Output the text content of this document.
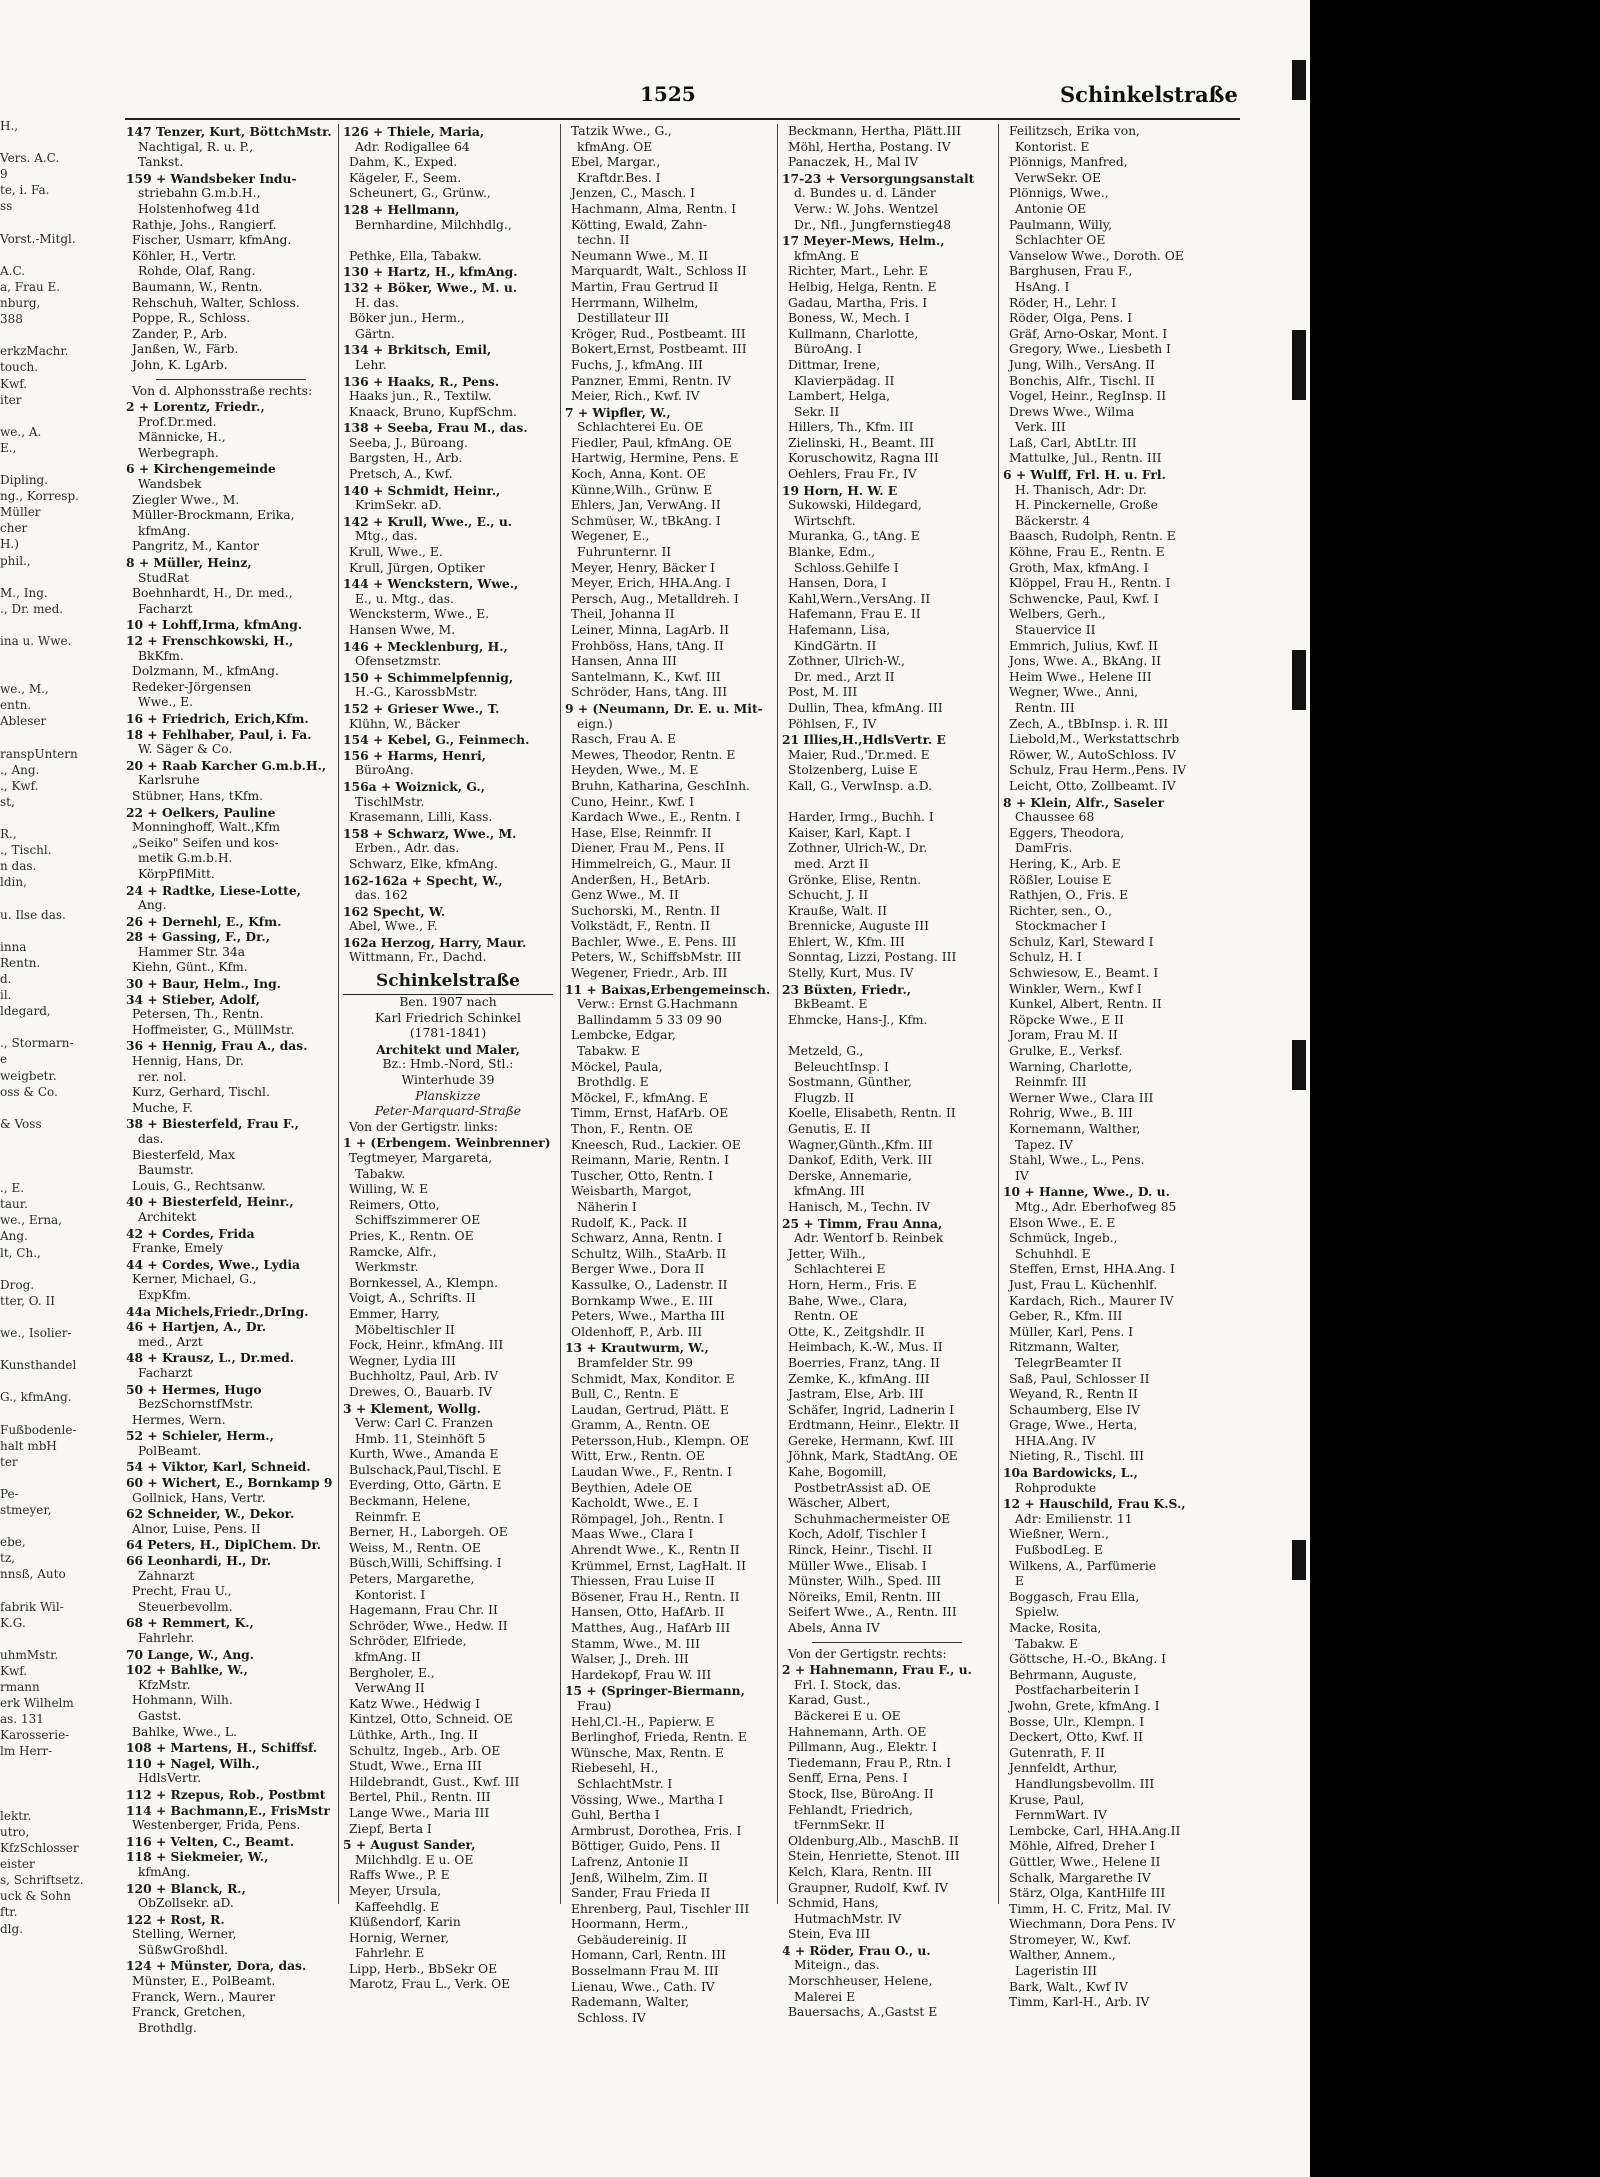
H.,

Vers. A.C.
9
te, i. Fa.
ss

Vorst.-Mitgl.

A.C.
a, Frau E.
nburg,
388

erkzMachr.
touch.
Kwf.
iter

we., A.
E.,

Dipling.
ng., Korresp.
Müller
cher
H.)
phil.,

M., Ing.
., Dr. med.

ina u. Wwe.

we., M.,
entn.
Ableser

ranspUntern
., Ang.
., Kwf.
st,

R.,
., Tischl.
n das.
ldin,

u. Ilse das.

inna
Rentn.
d.
il.
ldegard,

., Stormarn-
e
weigbetr.
oss & Co.

& Voss

., E.
taur.
we., Erna,
Ang.
lt, Ch.,

Drog.
tter, O. II

we., Isolier-

Kunsthandel

G., kfmAng.

Fußbodenle-
halt mbH
ter

Pe-
stmeyer,

ebe,
tz,
nnsß, Auto

fabrik Wil-
K.G.

uhmMstr.
Kwf.
rmann
erk Wilhelm
as. 131
Karosserie-
lm Herr-

lektr.
utro,
KfzSchlosser
eister
s, Schriftsetz.
uck & Sohn
ftr.
dlg.
1525	Schinkelstraße
147 Tenzer, Kurt, BöttchMstr.
Nachtigal, R. u. P.,
Tankst.
159 + Wandsbeker Indu-
striebahn G.m.b.H.,
Holstenhofweg 41d
Rathje, Johs., Rangierf.
Fischer, Usmarr, kfmAng.
Köhler, H., Vertr.
Rohde, Olaf, Rang.
Baumann, W., Rentn.
Rehschuh, Walter, Schloss.
Poppe, R., Schloss.
Zander, P., Arb.
Janßen, W., Färb.
John, K. LgArb.
Von d. Alphonsstraße rechts:
2 + Lorentz, Friedr.,
Prof.Dr.med.
Männicke, H.,
Werbegraph.
6 + Kirchengemeinde
Wandsbek
Ziegler Wwe., M.
Müller-Brockmann, Erika,
kfmAng.
Pangritz, M., Kantor
8 + Müller, Heinz,
StudRat
Boehnhardt, H., Dr. med.,
Facharzt
10 + Lohff,Irma, kfmAng.
12 + Frenschkowski, H.,
BkKfm.
Dolzmann, M., kfmAng.
Redeker-Jörgensen
Wwe., E.
16 + Friedrich, Erich,Kfm.
18 + Fehlhaber, Paul, i. Fa.
W. Säger & Co.
20 + Raab Karcher G.m.b.H.,
Karlsruhe
Stübner, Hans, tKfm.
22 + Oelkers, Pauline
Monninghoff, Walt.,Kfm
„Seiko" Seifen und kos-
metik G.m.b.H.
KörpPflMitt.
24 + Radtke, Liese-Lotte,
Ang.
26 + Dernehl, E., Kfm.
28 + Gassing, F., Dr.,
Hammer Str. 34a
Kiehn, Günt., Kfm.
30 + Baur, Helm., Ing.
34 + Stieber, Adolf,
Petersen, Th., Rentn.
Hoffmeister, G., MüllMstr.
36 + Hennig, Frau A., das.
Hennig, Hans, Dr.
rer. nol.
Kurz, Gerhard, Tischl.
Muche, F.
38 + Biesterfeld, Frau F.,
das.
Biesterfeld, Max
Baumstr.
Louis, G., Rechtsanw.
40 + Biesterfeld, Heinr.,
Architekt
42 + Cordes, Frida
Franke, Emely
44 + Cordes, Wwe., Lydia
Kerner, Michael, G.,
ExpKfm.
44a Michels,Friedr.,DrIng.
46 + Hartjen, A., Dr.
med., Arzt
48 + Krausz, L., Dr.med.
Facharzt
50 + Hermes, Hugo
BezSchornstfMstr.
Hermes, Wern.
52 + Schieler, Herm.,
PolBeamt.
54 + Viktor, Karl, Schneid.
60 + Wichert, E., Bornkamp 9
Gollnick, Hans, Vertr.
62 Schneider, W., Dekor.
Alnor, Luise, Pens. II
64 Peters, H., DiplChem. Dr.
66 Leonhardi, H., Dr.
Zahnarzt
Precht, Frau U.,
Steuerbevollm.
68 + Remmert, K.,
Fahrlehr.
70 Lange, W., Ang.
102 + Bahlke, W.,
KfzMstr.
Hohmann, Wilh.
Gastst.
Bahlke, Wwe., L.
108 + Martens, H., Schiffsf.
110 + Nagel, Wilh.,
HdlsVertr.
112 + Rzepus, Rob., Postbmt
114 + Bachmann,E., FrisMstr
Westenberger, Frida, Pens.
116 + Velten, C., Beamt.
118 + Siekmeier, W.,
kfmAng.
120 + Blanck, R.,
ObZollsekr. aD.
122 + Rost, R.
Stelling, Werner,
SüßwGroßhdl.
124 + Münster, Dora, das.
Münster, E., PolBeamt.
Franck, Wern., Maurer
Franck, Gretchen,
Brothdlg.
126 + Thiele, Maria,
Adr. Rodigallee 64
Dahm, K., Exped.
Kägeler, F., Seem.
Scheunert, G., Grünw.,
128 + Hellmann,
Bernhardine, Milchhdlg.,

Pethke, Ella, Tabakw.
130 + Hartz, H., kfmAng.
132 + Böker, Wwe., M. u.
H. das.
Böker jun., Herm.,
Gärtn.
134 + Brkitsch, Emil,
Lehr.
136 + Haaks, R., Pens.
Haaks jun., R., Textilw.
Knaack, Bruno, KupfSchm.
138 + Seeba, Frau M., das.
Seeba, J., Büroang.
Bargsten, H., Arb.
Pretsch, A., Kwf.
140 + Schmidt, Heinr.,
KrimSekr. aD.
142 + Krull, Wwe., E., u.
Mtg., das.
Krull, Wwe., E.
Krull, Jürgen, Optiker
144 + Wenckstern, Wwe.,
E., u. Mtg., das.
Wencksterm, Wwe., E.
Hansen Wwe, M.
146 + Mecklenburg, H.,
Ofensetzmstr.
150 + Schimmelpfennig,
H.-G., KarossbMstr.
152 + Grieser Wwe., T.
Klühn, W., Bäcker
154 + Kebel, G., Feinmech.
156 + Harms, Henri,
BüroAng.
156a + Woiznick, G.,
TischlMstr.
Krasemann, Lilli, Kass.
158 + Schwarz, Wwe., M.
Erben., Adr. das.
Schwarz, Elke, kfmAng.
162-162a + Specht, W.,
das. 162
162 Specht, W.
Abel, Wwe., F.
162a Herzog, Harry, Maur.
Wittmann, Fr., Dachd.
Schinkelstraße
Ben. 1907 nach
Karl Friedrich Schinkel
(1781-1841)
Architekt und Maler,
Bz.: Hmb.-Nord, Stl.:
Winterhude 39
Planskizze
Peter-Marquard-Straße
Von der Gertigstr. links:
1 + (Erbengem. Weinbrenner)
Tegtmeyer, Margareta,
Tabakw.
Willing, W. E
Reimers, Otto,
Schiffszimmerer OE
Pries, K., Rentn. OE
Ramcke, Alfr.,
Werkmstr.
Bornkessel, A., Klempn.
Voigt, A., Schrifts. II
Emmer, Harry,
Möbeltischler II
Fock, Heinr., kfmAng. III
Wegner, Lydia III
Buchholtz, Paul, Arb. IV
Drewes, O., Bauarb. IV
3 + Klement, Wollg.
Verw: Carl C. Franzen
Hmb. 11, Steinhöft 5
Kurth, Wwe., Amanda E
Bulschack,Paul,Tischl. E
Everding, Otto, Gärtn. E
Beckmann, Helene,
Reinmfr. E
Berner, H., Laborgeh. OE
Weiss, M., Rentn. OE
Büsch,Willi, Schiffsing. I
Peters, Margarethe,
Kontorist. I
Hagemann, Frau Chr. II
Schröder, Wwe., Hedw. II
Schröder, Elfriede,
kfmAng. II
Bergholer, E.,
VerwAng II
Katz Wwe., Hedwig I
Kintzel, Otto, Schneid. OE
Lüthke, Arth., Ing. II
Schultz, Ingeb., Arb. OE
Studt, Wwe., Erna III
Hildebrandt, Gust., Kwf. III
Bertel, Phil., Rentn. III
Lange Wwe., Maria III
Ziepf, Berta I
5 + August Sander,
Milchhdlg. E u. OE
Raffs Wwe., P. E
Meyer, Ursula,
Kaffeehdlg. E
Klüßendorf, Karin
Hornig, Werner,
Fahrlehr. E
Lipp, Herb., BbSekr OE
Marotz, Frau L., Verk. OE
Tatzik Wwe., G.,
kfmAng. OE
Ebel, Margar.,
Kraftdr.Bes. I
Jenzen, C., Masch. I
Hachmann, Alma, Rentn. I
Kötting, Ewald, Zahn-
techn. II
Neumann Wwe., M. II
Marquardt, Walt., Schloss II
Martin, Frau Gertrud II
Herrmann, Wilhelm,
Destillateur III
Kröger, Rud., Postbeamt. III
Bokert,Ernst, Postbeamt. III
Fuchs, J., kfmAng. III
Panzner, Emmi, Rentn. IV
Meier, Rich., Kwf. IV
7 + Wipfler, W.,
Schlachterei Eu. OE
Fiedler, Paul, kfmAng. OE
Hartwig, Hermine, Pens. E
Koch, Anna, Kont. OE
Künne,Wilh., Grünw. E
Ehlers, Jan, VerwAng. II
Schmüser, W., tBkAng. I
Wegener, E.,
Fuhrunternr. II
Meyer, Henry, Bäcker I
Meyer, Erich, HHA.Ang. I
Persch, Aug., Metalldreh. I
Theil, Johanna II
Leiner, Minna, LagArb. II
Frohböss, Hans, tAng. II
Hansen, Anna III
Santelmann, K., Kwf. III
Schröder, Hans, tAng. III
9 + (Neumann, Dr. E. u. Mit-
eign.)
Rasch, Frau A. E
Mewes, Theodor, Rentn. E
Heyden, Wwe., M. E
Bruhn, Katharina, GeschInh.
Cuno, Heinr., Kwf. I
Kardach Wwe., E., Rentn. I
Hase, Else, Reinmfr. II
Diener, Frau M., Pens. II
Himmelreich, G., Maur. II
Anderßen, H., BetArb.
Genz Wwe., M. II
Suchorski, M., Rentn. II
Volkstädt, F., Rentn. II
Bachler, Wwe., E. Pens. III
Peters, W., SchiffsbMstr. III
Wegener, Friedr., Arb. III
11 + Baixas,Erbengemeinsch.
Verw.: Ernst G.Hachmann
Ballindamm 5 33 09 90
Lembcke, Edgar,
Tabakw. E
Möckel, Paula,
Brothdlg. E
Möckel, F., kfmAng. E
Timm, Ernst, HafArb. OE
Thon, F., Rentn. OE
Kneesch, Rud., Lackier. OE
Reimann, Marie, Rentn. I
Tuscher, Otto, Rentn. I
Weisbarth, Margot,
Näherin I
Rudolf, K., Pack. II
Schwarz, Anna, Rentn. I
Schultz, Wilh., StaArb. II
Berger Wwe., Dora II
Kassulke, O., Ladenstr. II
Bornkamp Wwe., E. III
Peters, Wwe., Martha III
Oldenhoff, P., Arb. III
13 + Krautwurm, W.,
Bramfelder Str. 99
Schmidt, Max, Konditor. E
Bull, C., Rentn. E
Laudan, Gertrud, Plätt. E
Gramm, A., Rentn. OE
Petersson,Hub., Klempn. OE
Witt, Erw., Rentn. OE
Laudan Wwe., F., Rentn. I
Beythien, Adele OE
Kacholdt, Wwe., E. I
Römpagel, Joh., Rentn. I
Maas Wwe., Clara I
Ahrendt Wwe., K., Rentn II
Krümmel, Ernst, LagHalt. II
Thiessen, Frau Luise II
Bösener, Frau H., Rentn. II
Hansen, Otto, HafArb. II
Matthes, Aug., HafArb III
Stamm, Wwe., M. III
Walser, J., Dreh. III
Hardekopf, Frau W. III
15 + (Springer-Biermann,
Frau)
Hehl,Cl.-H., Papierw. E
Berlinghof, Frieda, Rentn. E
Wünsche, Max, Rentn. E
Riebesehl, H.,
SchlachtMstr. I
Vössing, Wwe., Martha I
Guhl, Bertha I
Armbrust, Dorothea, Fris. I
Böttiger, Guido, Pens. II
Lafrenz, Antonie II
Jenß, Wilhelm, Zim. II
Sander, Frau Frieda II
Ehrenberg, Paul, Tischler III
Hoormann, Herm.,
Gebäudereinig. II
Homann, Carl, Rentn. III
Bosselmann Frau M. III
Lienau, Wwe., Cath. IV
Rademann, Walter,
Schloss. IV
Beckmann, Hertha, Plätt.III
Möhl, Hertha, Postang. IV
Panaczek, H., Mal IV
17-23 + Versorgungsanstalt
d. Bundes u. d. Länder
Verw.: W. Johs. Wentzel
Dr., Nfl., Jungfernstieg48
17 Meyer-Mews, Helm.,
kfmAng. E
Richter, Mart., Lehr. E
Helbig, Helga, Rentn. E
Gadau, Martha, Fris. I
Boness, W., Mech. I
Kullmann, Charlotte,
BüroAng. I
Dittmar, Irene,
Klavierpädag. II
Lambert, Helga,
Sekr. II
Hillers, Th., Kfm. III
Zielinski, H., Beamt. III
Koruschowitz, Ragna III
Oehlers, Frau Fr., IV
19 Horn, H. W. E
Sukowski, Hildegard,
Wirtschft.
Muranka, G., tAng. E
Blanke, Edm.,
Schloss.Gehilfe I
Hansen, Dora, I
Kahl,Wern.,VersAng. II
Hafemann, Frau E. II
Hafemann, Lisa,
KindGärtn. II
Zothner, Ulrich-W.,
Dr. med., Arzt II
Post, M. III
Dullin, Thea, kfmAng. III
Pöhlsen, F., IV
21 Illies,H.,HdlsVertr. E
Maier, Rud.,'Dr.med. E
Stolzenberg, Luise E
Kall, G., VerwInsp. a.D.

Harder, Irmg., Buchh. I
Kaiser, Karl, Kapt. I
Zothner, Ulrich-W., Dr.
med. Arzt II
Grönke, Elise, Rentn.
Schucht, J. II
Krauße, Walt. II
Brennicke, Auguste III
Ehlert, W., Kfm. III
Sonntag, Lizzi, Postang. III
Stelly, Kurt, Mus. IV
23 Büxten, Friedr.,
BkBeamt. E
Ehmcke, Hans-J., Kfm.

Metzeld, G.,
BeleuchtInsp. I
Sostmann, Günther,
Flugzb. II
Koelle, Elisabeth, Rentn. II
Genutis, E. II
Wagner,Günth.,Kfm. III
Dankof, Edith, Verk. III
Derske, Annemarie,
kfmAng. III
Hanisch, M., Techn. IV
25 + Timm, Frau Anna,
Adr. Wentorf b. Reinbek
Jetter, Wilh.,
Schlachterei E
Horn, Herm., Fris. E
Bahe, Wwe., Clara,
Rentn. OE
Otte, K., Zeitgshdlr. II
Heimbach, K.-W., Mus. II
Boerries, Franz, tAng. II
Zemke, K., kfmAng. III
Jastram, Else, Arb. III
Schäfer, Ingrid, Ladnerin I
Erdtmann, Heinr., Elektr. II
Gereke, Hermann, Kwf. III
Jöhnk, Mark, StadtAng. OE
Kahe, Bogomill,
PostbetrAssist aD. OE
Wäscher, Albert,
Schuhmachermeister OE
Koch, Adolf, Tischler I
Rinck, Heinr., Tischl. II
Müller Wwe., Elisab. I
Münster, Wilh., Sped. III
Nöreiks, Emil, Rentn. III
Seifert Wwe., A., Rentn. III
Abels, Anna IV
Von der Gertigstr. rechts:
2 + Hahnemann, Frau F., u.
Frl. I. Stock, das.
Karad, Gust.,
Bäckerei E u. OE
Hahnemann, Arth. OE
Pillmann, Aug., Elektr. I
Tiedemann, Frau P., Rtn. I
Senff, Erna, Pens. I
Stock, Ilse, BüroAng. II
Fehlandt, Friedrich,
tFernmSekr. II
Oldenburg,Alb., MaschB. II
Stein, Henriette, Stenot. III
Kelch, Klara, Rentn. III
Graupner, Rudolf, Kwf. IV
Schmid, Hans,
HutmachMstr. IV
Stein, Eva III
4 + Röder, Frau O., u.
Miteign., das.
Morschheuser, Helene,
Malerei E
Bauersachs, A.,Gastst E
Feilitzsch, Erika von,
Kontorist. E
Plönnigs, Manfred,
VerwSekr. OE
Plönnigs, Wwe.,
Antonie OE
Paulmann, Willy,
Schlachter OE
Vanselow Wwe., Doroth. OE
Barghusen, Frau F.,
HsAng. I
Röder, H., Lehr. I
Röder, Olga, Pens. I
Gräf, Arno-Oskar, Mont. I
Gregory, Wwe., Liesbeth I
Jung, Wilh., VersAng. II
Bonchis, Alfr., Tischl. II
Vogel, Heinr., RegInsp. II
Drews Wwe., Wilma
Verk. III
Laß, Carl, AbtLtr. III
Mattulke, Jul., Rentn. III
6 + Wulff, Frl. H. u. Frl.
H. Thanisch, Adr: Dr.
H. Pinckernelle, Große
Bäckerstr. 4
Baasch, Rudolph, Rentn. E
Köhne, Frau E., Rentn. E
Groth, Max, kfmAng. I
Klöppel, Frau H., Rentn. I
Schwencke, Paul, Kwf. I
Welbers, Gerh.,
Stauervice II
Emmrich, Julius, Kwf. II
Jons, Wwe. A., BkAng. II
Heim Wwe., Helene III
Wegner, Wwe., Anni,
Rentn. III
Zech, A., tBbInsp. i. R. III
Liebold,M., Werkstattschrb
Röwer, W., AutoSchloss. IV
Schulz, Frau Herm.,Pens. IV
Leicht, Otto, Zollbeamt. IV
8 + Klein, Alfr., Saseler
Chaussee 68
Eggers, Theodora,
DamFris.
Hering, K., Arb. E
Rößler, Louise E
Rathjen, O., Fris. E
Richter, sen., O.,
Stockmacher I
Schulz, Karl, Steward I
Schulz, H. I
Schwiesow, E., Beamt. I
Winkler, Wern., Kwf I
Kunkel, Albert, Rentn. II
Röpcke Wwe., E II
Joram, Frau M. II
Grulke, E., Verksf.
Warning, Charlotte,
Reinmfr. III
Werner Wwe., Clara III
Rohrig, Wwe., B. III
Kornemann, Walther,
Tapez. IV
Stahl, Wwe., L., Pens.
IV
10 + Hanne, Wwe., D. u.
Mtg., Adr. Eberhofweg 85
Elson Wwe., E. E
Schmück, Ingeb.,
Schuhhdl. E
Steffen, Ernst, HHA.Ang. I
Just, Frau L. Küchenhlf.
Kardach, Rich., Maurer IV
Geber, R., Kfm. III
Müller, Karl, Pens. I
Ritzmann, Walter,
TelegrBeamter II
Saß, Paul, Schlosser II
Weyand, R., Rentn II
Schaumberg, Else IV
Grage, Wwe., Herta,
HHA.Ang. IV
Nieting, R., Tischl. III
10a Bardowicks, L.,
Rohprodukte
12 + Hauschild, Frau K.S.,
Adr: Emilienstr. 11
Wießner, Wern.,
FußbodLeg. E
Wilkens, A., Parfümerie
E
Boggasch, Frau Ella,
Spielw.
Macke, Rosita,
Tabakw. E
Göttsche, H.-O., BkAng. I
Behrmann, Auguste,
Postfacharbeiterin I
Jwohn, Grete, kfmAng. I
Bosse, Ulr., Klempn. I
Deckert, Otto, Kwf. II
Gutenrath, F. II
Jennfeldt, Arthur,
Handlungsbevollm. III
Kruse, Paul,
FernmWart. IV
Lembcke, Carl, HHA.Ang.II
Möhle, Alfred, Dreher I
Güttler, Wwe., Helene II
Schalk, Margarethe IV
Stärz, Olga, KantHilfe III
Timm, H. C. Fritz, Mal. IV
Wiechmann, Dora Pens. IV
Stromeyer, W., Kwf.
Walther, Annem.,
Lageristin III
Bark, Walt., Kwf IV
Timm, Karl-H., Arb. IV
